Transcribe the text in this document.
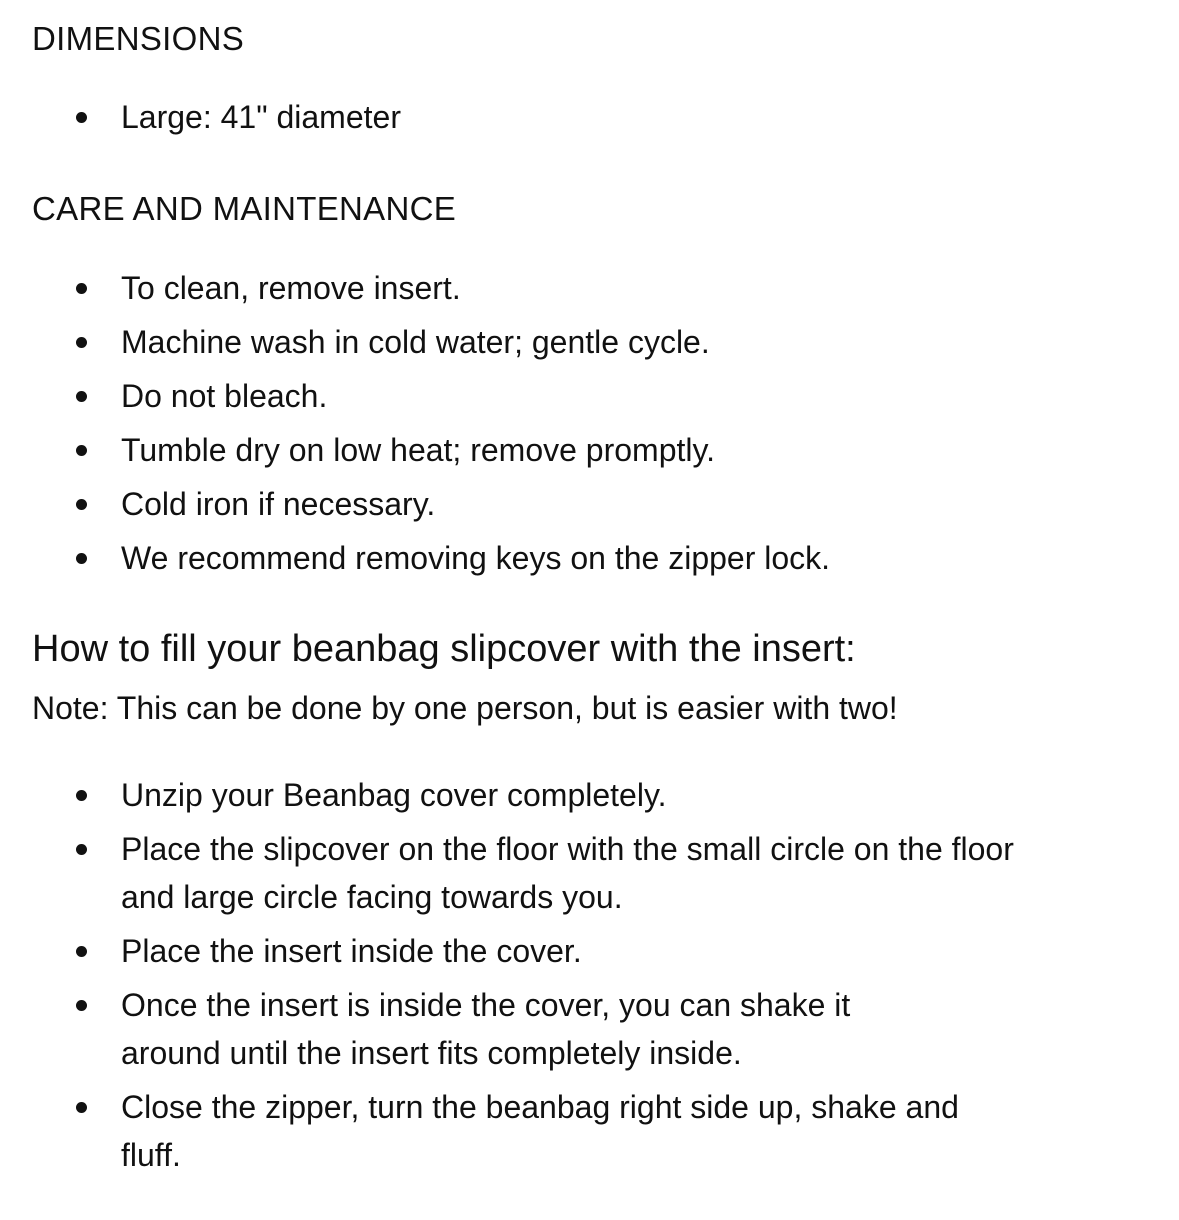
DIMENSIONS
Large: 41" diameter
CARE AND MAINTENANCE
To clean, remove insert.
Machine wash in cold water; gentle cycle.
Do not bleach.
Tumble dry on low heat; remove promptly.
Cold iron if necessary.
We recommend removing keys on the zipper lock.
How to fill your beanbag slipcover with the insert:

Note: This can be done by one person, but is easier with two!

Unzip your Beanbag cover completely.
Place the slipcover on the floor with the small circle on the floor and large circle facing towards you.
Place the insert inside the cover.
Once the insert is inside the cover, you can shake it around until the insert fits completely inside.
Close the zipper, turn the beanbag right side up, shake and fluff.
